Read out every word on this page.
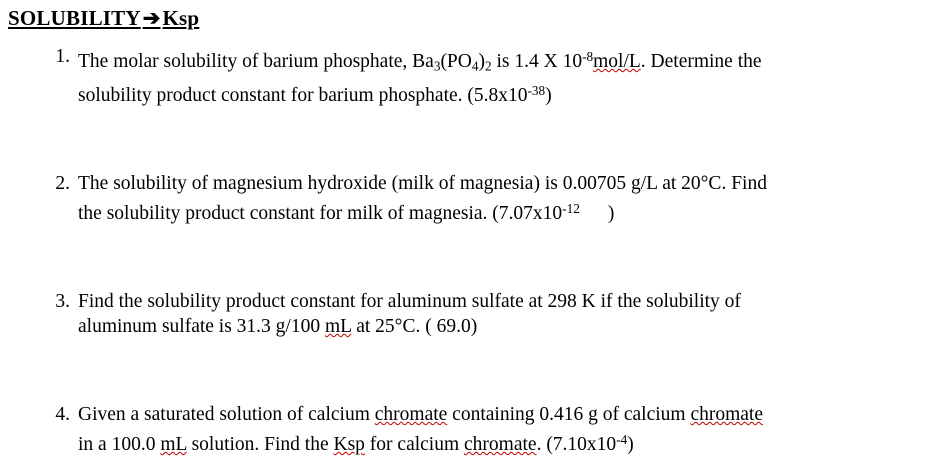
SOLUBILITY➔Ksp
1. The molar solubility of barium phosphate, $Ba_3(PO_4)_2$ is 1.4 X $10^{-8}mol/L$. Determine the
solubility product constant for barium phosphate. $(5.8x10^{-38})$
2. The solubility of magnesium hydroxide (milk of magnesia) is 0.00705 g/L at 20°C. Find
the solubility product constant for milk of magnesia. ($7.07x10^{-12}$ )
3. Find the solubility product constant for aluminum sulfate at 298 K if the solubility of
aluminum sulfate is 31.3 g/100 mL at 25°C. ( 69.0)
4. Given a saturated solution of calcium chromate containing 0.416 g of calcium chromate
in a 100.0 mL solution. Find the Ksp for calcium chromate. $(7.10x10^{-4})$
